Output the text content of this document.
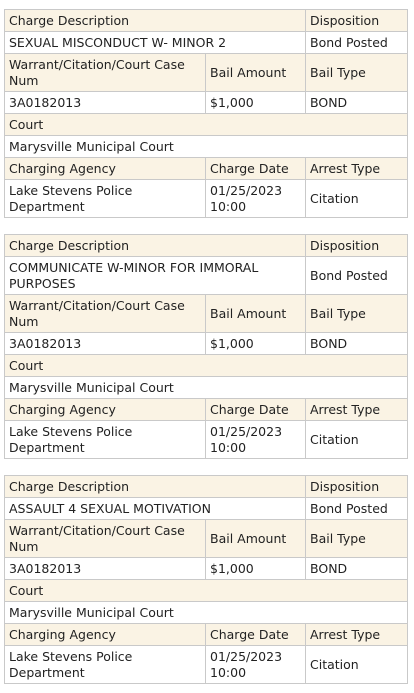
Charge Description		Disposition
SEXUAL MISCONDUCT W- MINOR 2		Bond Posted
Warrant/Citation/Court Case Num	Bail Amount	Bail Type
3A0182013	$1,000	BOND
Court		
Marysville Municipal Court		
Charging Agency	Charge Date	Arrest Type
Lake Stevens Police Department	01/25/2023 10:00	Citation
Charge Description		Disposition
COMMUNICATE W-MINOR FOR IMMORAL PURPOSES		Bond Posted
Warrant/Citation/Court Case Num	Bail Amount	Bail Type
3A0182013	$1,000	BOND
Court		
Marysville Municipal Court		
Charging Agency	Charge Date	Arrest Type
Lake Stevens Police Department	01/25/2023 10:00	Citation
Charge Description		Disposition
ASSAULT 4 SEXUAL MOTIVATION		Bond Posted
Warrant/Citation/Court Case Num	Bail Amount	Bail Type
3A0182013	$1,000	BOND
Court		
Marysville Municipal Court		
Charging Agency	Charge Date	Arrest Type
Lake Stevens Police Department	01/25/2023 10:00	Citation
